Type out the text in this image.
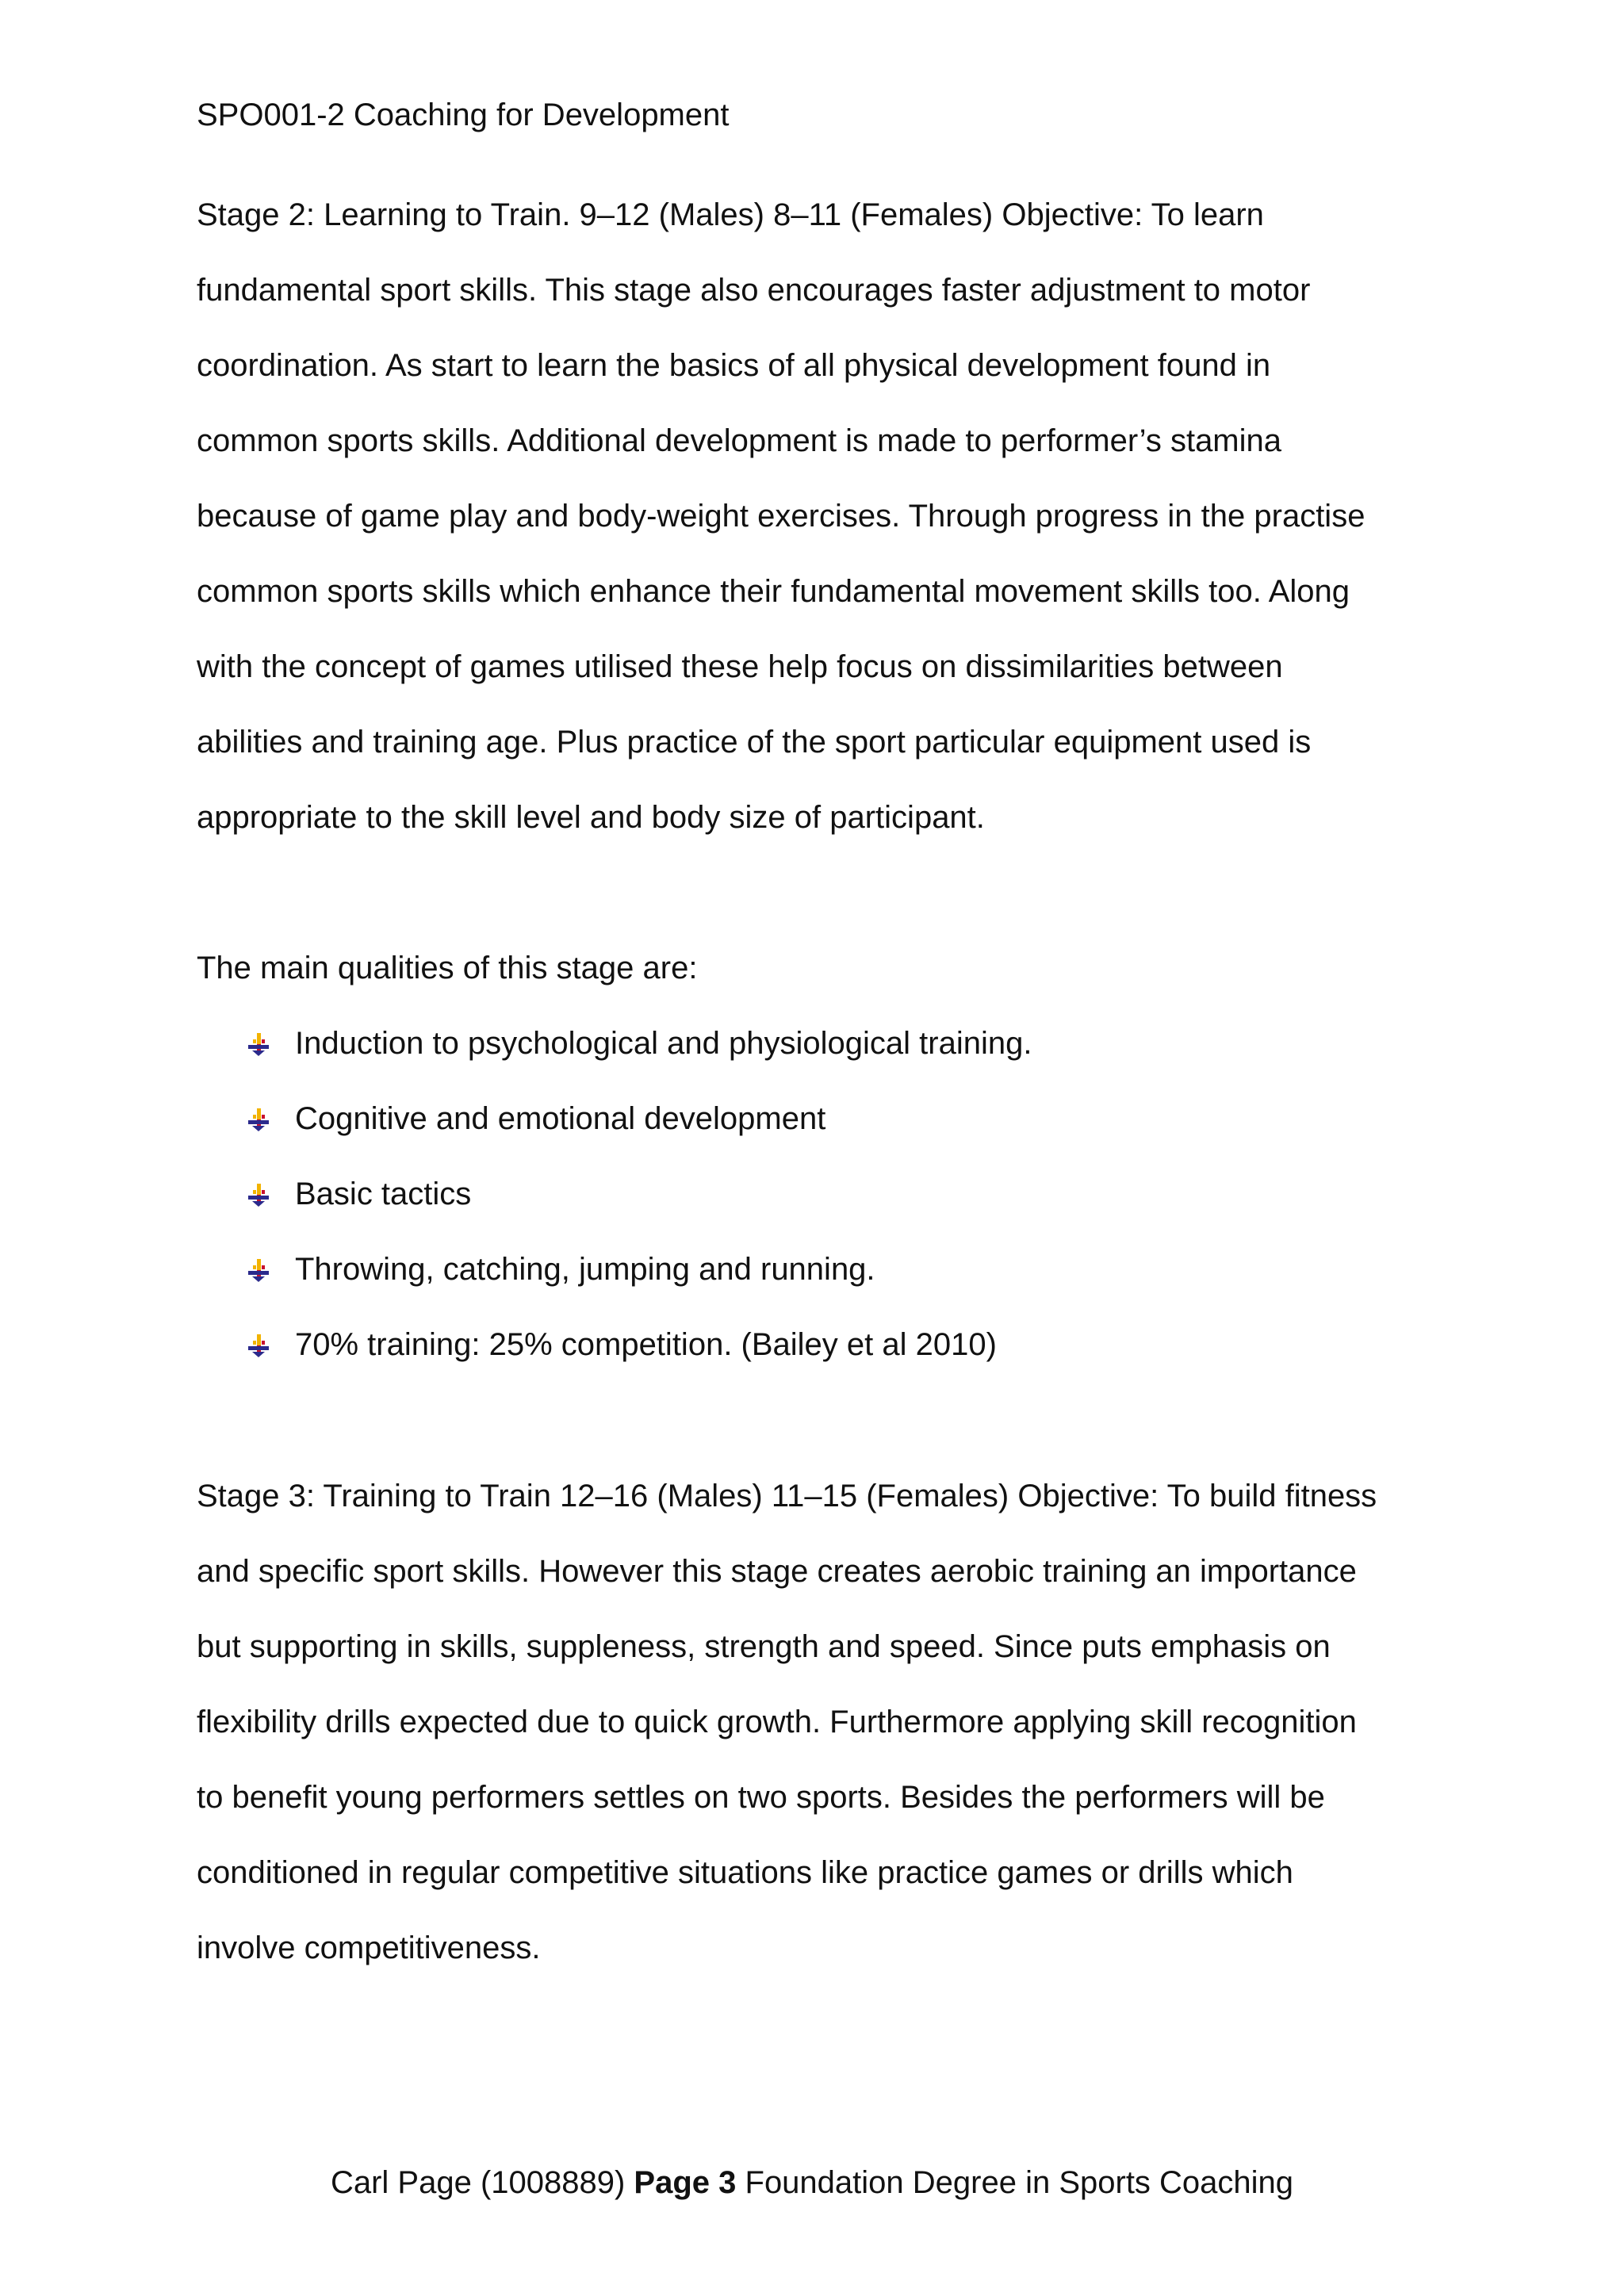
SPO001-2 Coaching for Development
Stage 2: Learning to Train. 9–12 (Males) 8–11 (Females) Objective: To learn
fundamental sport skills. This stage also encourages faster adjustment to motor
coordination. As start to learn the basics of all physical development found in
common sports skills. Additional development is made to performer’s stamina
because of game play and body-weight exercises. Through progress in the practise
common sports skills which enhance their fundamental movement skills too. Along
with the concept of games utilised these help focus on dissimilarities between
abilities and training age. Plus practice of the sport particular equipment used is
appropriate to the skill level and body size of participant.
The main qualities of this stage are:
Induction to psychological and physiological training.
Cognitive and emotional development
Basic tactics
Throwing, catching, jumping and running.
70% training: 25% competition. (Bailey et al 2010)
Stage 3: Training to Train 12–16 (Males) 11–15 (Females) Objective: To build fitness
and specific sport skills. However this stage creates aerobic training an importance
but supporting in skills, suppleness, strength and speed. Since puts emphasis on
flexibility drills expected due to quick growth. Furthermore applying skill recognition
to benefit young performers settles on two sports. Besides the performers will be
conditioned in regular competitive situations like practice games or drills which
involve competitiveness.
Carl Page (1008889) Page 3 Foundation Degree in Sports Coaching
